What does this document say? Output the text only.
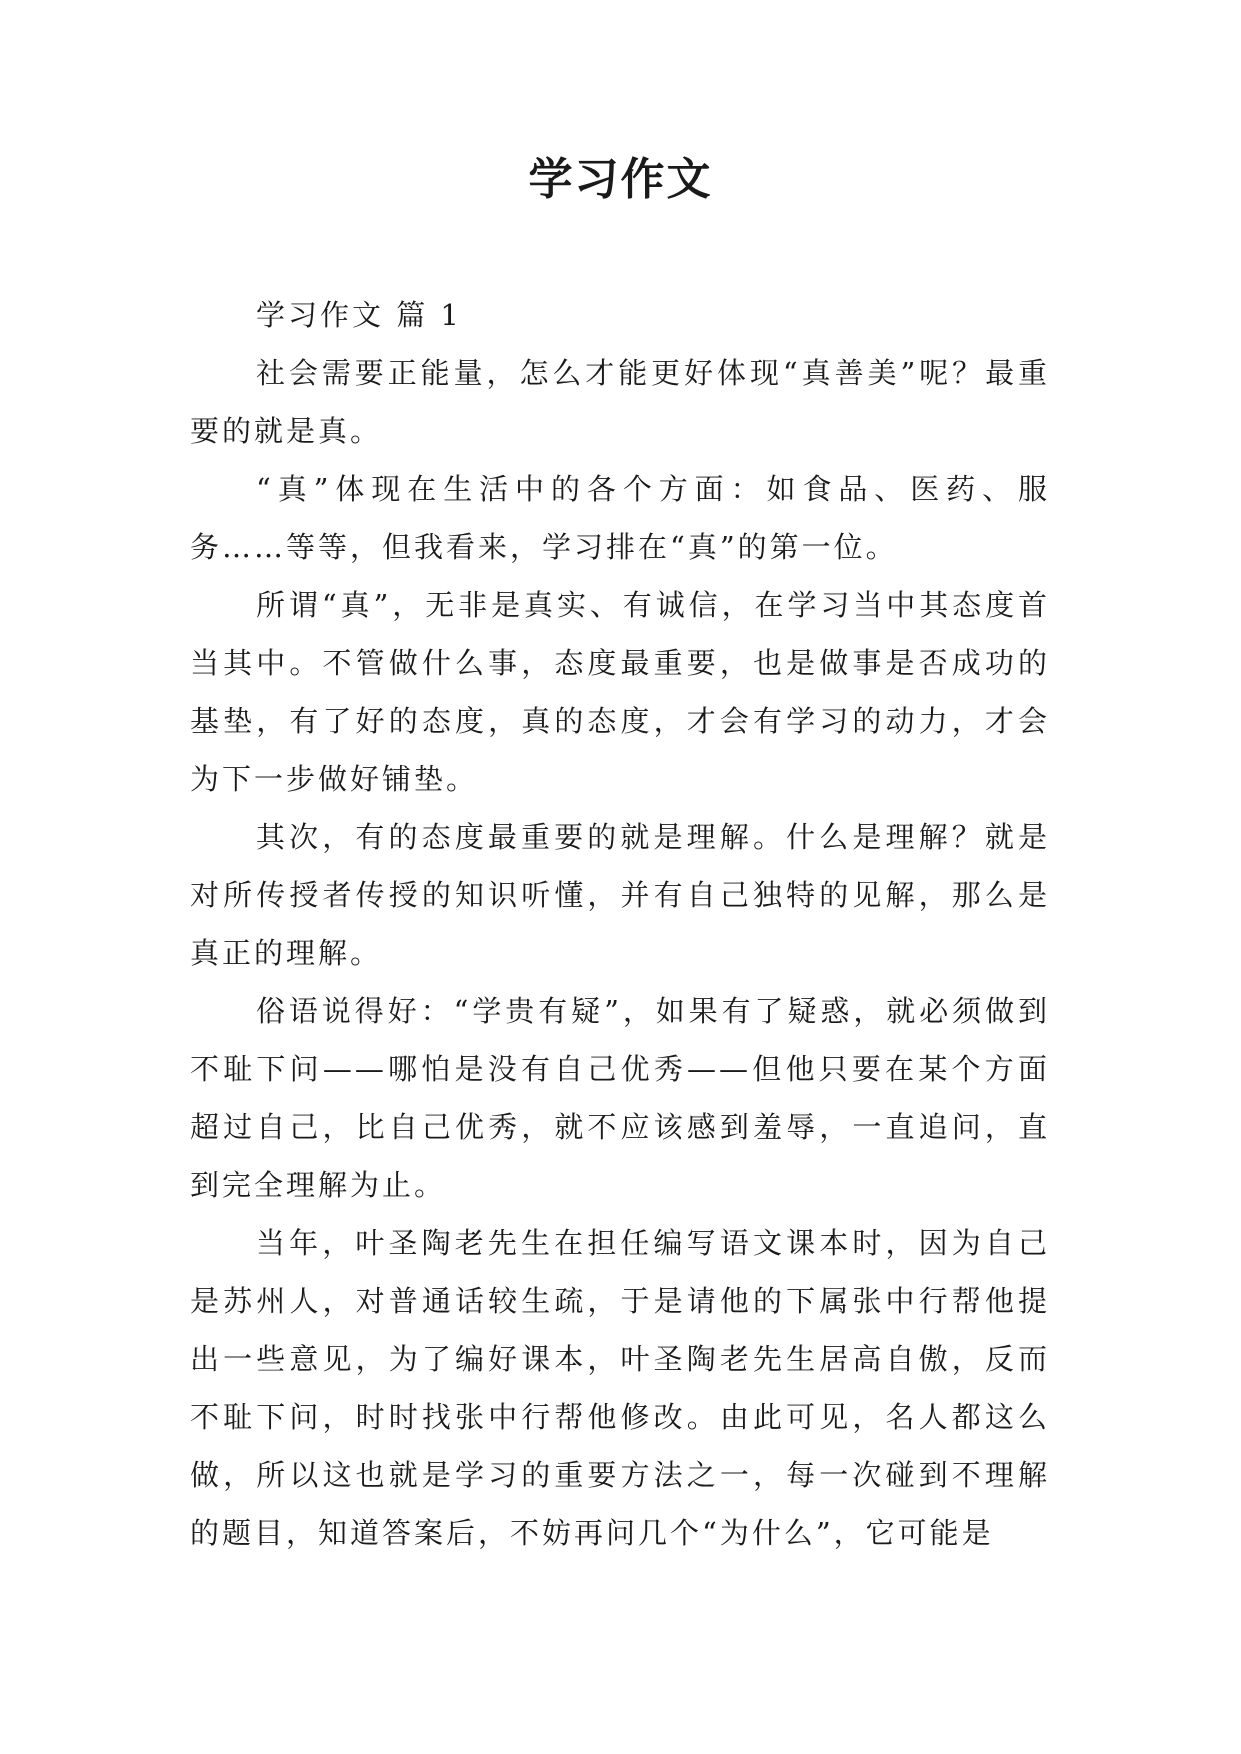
学习作文

学习作文 篇 1

社会需要正能量，怎么才能更好体现“真善美”呢？最重要的就是真。

“真”体现在生活中的各个方面：如食品、医药、服务……等等，但我看来，学习排在“真”的第一位。

所谓“真”，无非是真实、有诚信，在学习当中其态度首当其中。不管做什么事，态度最重要，也是做事是否成功的基垫，有了好的态度，真的态度，才会有学习的动力，才会为下一步做好铺垫。

其次，有的态度最重要的就是理解。什么是理解？就是对所传授者传授的知识听懂，并有自己独特的见解，那么是真正的理解。

俗语说得好：“学贵有疑”，如果有了疑惑，就必须做到不耻下问——哪怕是没有自己优秀——但他只要在某个方面超过自己，比自己优秀，就不应该感到羞辱，一直追问，直到完全理解为止。

当年，叶圣陶老先生在担任编写语文课本时，因为自己是苏州人，对普通话较生疏，于是请他的下属张中行帮他提出一些意见，为了编好课本，叶圣陶老先生居高自傲，反而不耻下问，时时找张中行帮他修改。由此可见，名人都这么做，所以这也就是学习的重要方法之一，每一次碰到不理解的题目，知道答案后，不妨再问几个“为什么”，它可能是
